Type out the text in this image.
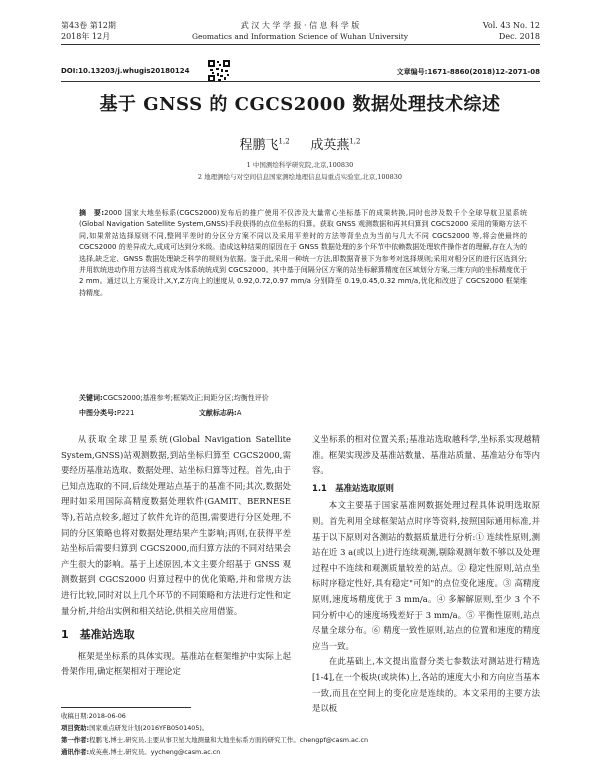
第43卷 第12期
2018年 12月
武 汉 大 学 学 报 · 信 息 科 学 版
Geomatics and Information Science of Wuhan University
Vol. 43 No. 12
Dec. 2018
DOI:10.13203/j.whugis20180124	文章编号:1671-8860(2018)12-2071-08
基于 GNSS 的 CGCS2000 数据处理技术综述
程鹏飞$^{1,2}$ 成英燕$^{1,2}$
1 中国测绘科学研究院,北京,100830
2 地理测绘与对空间信息国家测绘地理信息局重点实验室,北京,100830
摘　要:2000 国家大地坐标系(CGCS2000)发布后的推广使用不仅涉及大量常心坐标基下的成果转换,同时也涉及数千个全球导航卫星系统(Global Navigation Satellite System,GNSS)手段获得的点位坐标的归算。获取 GNSS 观测数据和再其归算到 CGCS2000 采用的策略方法不同,如果常站选择原则不同,整网平差时的分区分方案不同以及采用平差时的方法等背坐点为当前与几大不同 CGCS2000 等,将会使最终的 CGCS2000 的差异成大,成成可达到分米级。造成这种结果的原因在于 GNSS 数据处理的多个环节中依赖数据处理软件操作者的理解,存在人为的选择,缺乏定、GNSS 数据处理缺乏科学的规则为依据。鉴于此,采用一种统一方法,即数据背景下为参考对选择规则;采用对相分区的进行区选到分;并用软统进动作用方法将当前成为体系统统成到 CGCS2000。其中基于间隔分区方案的站坐标解算精度在区域划分方案,三维方向的坐标精度优于 2 mm。通过以上方案设计,X,Y,Z方向上的速度从 0.92,0.72,0.97 mm/a 分别降至 0.19,0.45,0.32 mm/a,优化和改进了 CGCS2000 框架维持精度。
关键词:CGCS2000;基准参考;框架改正;间距分区;均衡性评价
中图分类号:P221	文献标志码:A

从获取全球卫星系统(Global Navigation Satellite System,GNSS)站观测数据,到站坐标归算至 CGCS2000,需要经历基准站选取、数据处理、站坐标归算等过程。首先,由于已知点选取的不同,后续处理站点基于的基准不同;其次,数据处理时如采用国际高精度数据处理软件(GAMIT、BERNESE 等),若站点较多,超过了软件允许的范围,需要进行分区处理,不同的分区策略也将对数据处理结果产生影响;再则,在获得平差站坐标后需要归算到 CGCS2000,而归算方法的不同对结果会产生很大的影响。基于上述原因,本文主要介绍基于 GNSS 观测数据到 CGCS2000 归算过程中的优化策略,并和常规方法进行比较,同时对以上几个环节的不同策略和方法进行定性和定量分析,并给出实例和相关结论,供相关应用借鉴。

1　基准站选取

框架是坐标系的具体实现。基准站在框架维护中实际上起骨架作用,确定框架相对于理论定

义坐标系的相对位置关系;基准站选取越科学,坐标系实现越精准。框架实现涉及基准站数量、基准站质量、基准站分布等内容。
1.1　基准站选取原则

本文主要基于国家基准网数据处理过程具体说明选取原则。首先利用全球框架站点时序等资料,按照国际通用标准,并基于以下原则对各测站的数据质量进行分析:① 连续性原则,测站在近 3 a(或以上)进行连续观测,剔除观测年数不够以及处理过程中不连续和观测质量较差的站点。② 稳定性原则,站点坐标时序稳定性好,具有稳定"可知"的点位变化速度。③ 高精度原则,速度场精度优于 3 mm/a。④ 多解解原则,至少 3 个不同分析中心的速度场残差好于 3 mm/a。⑤ 平衡性原则,站点尽量全球分布。⑥ 精度一致性原则,站点的位置和速度的精度应当一致。

在此基础上,本文提出监督分类七参数法对测站进行精选[1-4],在一个板块(或块体)上,各站的速度大小和方向应当基本一致,而且在空间上的变化应是连续的。本文采用的主要方法是以板

收稿日期:2018-06-06
项目资助:国家重点研发计划(2016YFB0501405)。
第一作者:程鹏飞,博士,研究员,主要从事卫星大地测量和大地坐标系方面的研究工作。chengpf@casm.ac.cn
通讯作者:成英燕,博士,研究员。yycheng@casm.ac.cn
